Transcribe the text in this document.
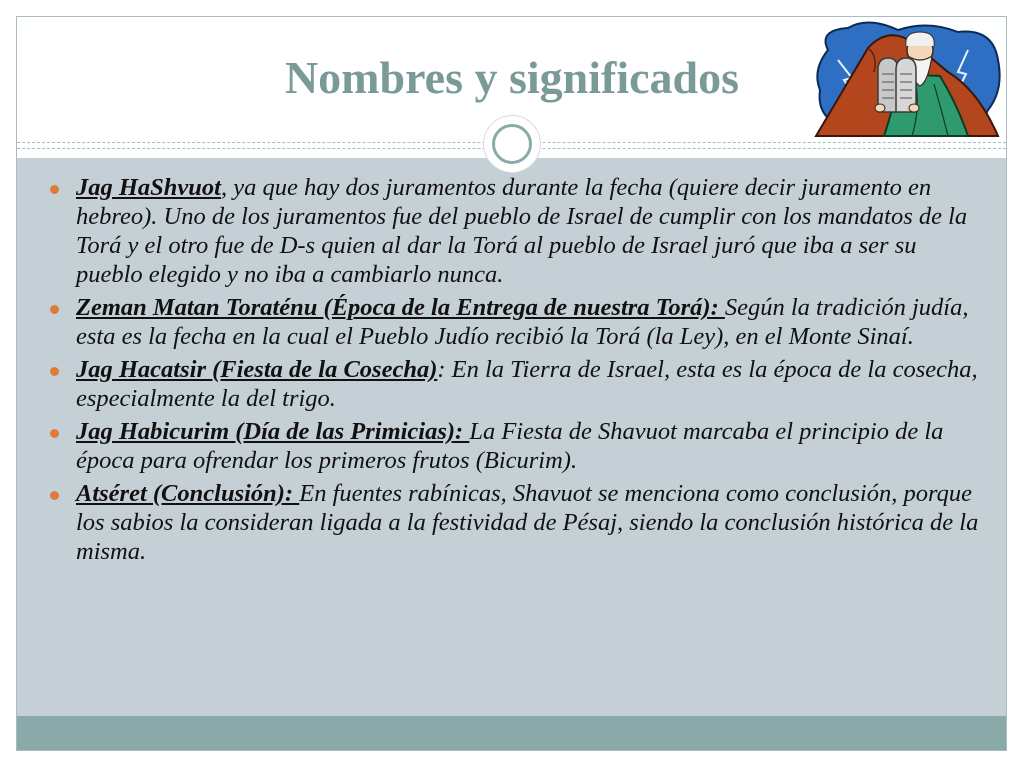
Nombres y significados
Jag HaShvuot, ya que hay dos juramentos durante la fecha (quiere decir juramento en hebreo). Uno de los juramentos fue del pueblo de Israel de cumplir con los mandatos de la Torá y el otro fue de D-s quien al dar la Torá al pueblo de Israel juró que iba a ser su pueblo elegido y no iba a cambiarlo nunca.
Zeman Matan Toraténu (Época de la Entrega de nuestra Torá): Según la tradición judía, esta es la fecha en la cual el Pueblo Judío recibió la Torá (la Ley), en el Monte Sinaí.
Jag Hacatsir (Fiesta de la Cosecha): En la Tierra de Israel, esta es la época de la cosecha, especialmente la del trigo.
Jag Habicurim (Día de las Primicias): La Fiesta de Shavuot marcaba el principio de la época para ofrendar los primeros frutos (Bicurim).
Atséret (Conclusión): En fuentes rabínicas, Shavuot se menciona como conclusión, porque los sabios la consideran ligada a la festividad de Pésaj, siendo la conclusión histórica de la misma.
